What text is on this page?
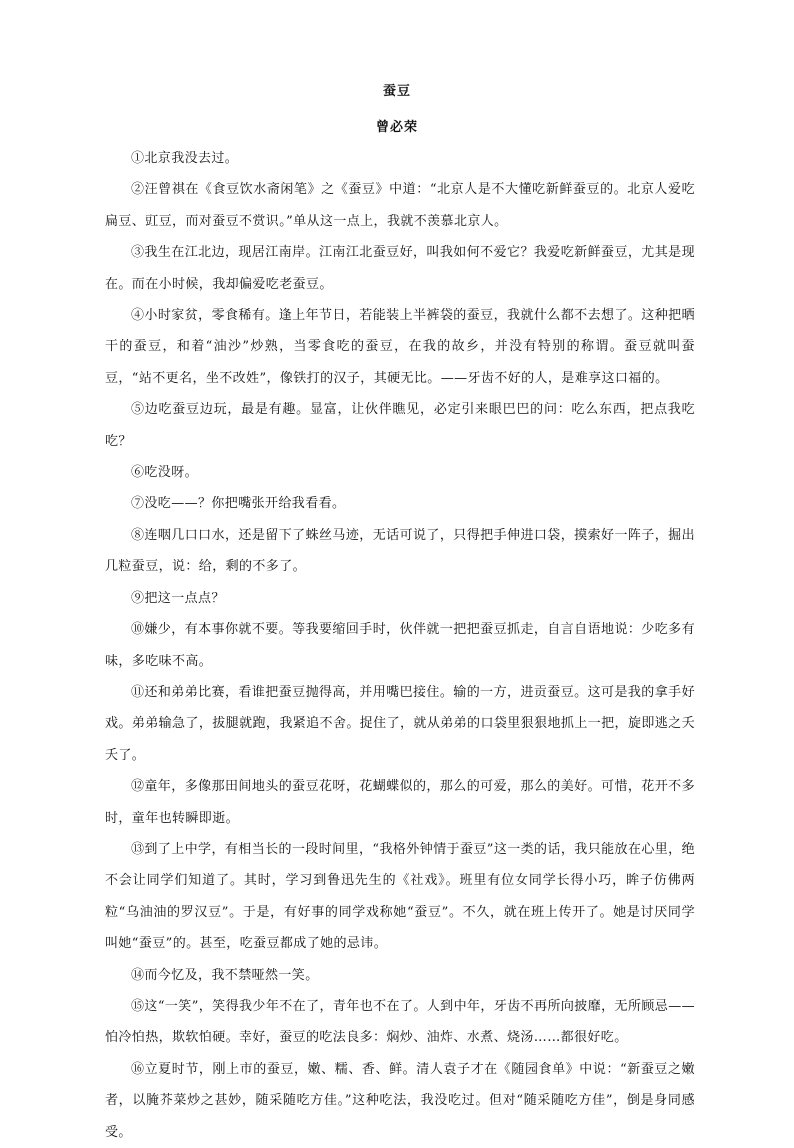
蚕豆
曾必荣

①北京我没去过。

②汪曾祺在《食豆饮水斋闲笔》之《蚕豆》中道：“北京人是不大懂吃新鲜蚕豆的。北京人爱吃扁豆、豇豆，而对蚕豆不赏识。”单从这一点上，我就不羡慕北京人。

③我生在江北边，现居江南岸。江南江北蚕豆好，叫我如何不爱它？我爱吃新鲜蚕豆，尤其是现在。而在小时候，我却偏爱吃老蚕豆。

④小时家贫，零食稀有。逢上年节日，若能装上半裤袋的蚕豆，我就什么都不去想了。这种把晒干的蚕豆，和着“油沙”炒熟，当零食吃的蚕豆，在我的故乡，并没有特别的称谓。蚕豆就叫蚕豆，“站不更名，坐不改姓”，像铁打的汉子，其硬无比。——牙齿不好的人，是难享这口福的。

⑤边吃蚕豆边玩，最是有趣。显富，让伙伴瞧见，必定引来眼巴巴的问：吃么东西，把点我吃吃？

⑥吃没呀。

⑦没吃——？你把嘴张开给我看看。

⑧连咽几口口水，还是留下了蛛丝马迹，无话可说了，只得把手伸进口袋，摸索好一阵子，掘出几粒蚕豆，说：给，剩的不多了。

⑨把这一点点？

⑩嫌少，有本事你就不要。等我要缩回手时，伙伴就一把把蚕豆抓走，自言自语地说：少吃多有味，多吃味不高。

⑪还和弟弟比赛，看谁把蚕豆抛得高，并用嘴巴接住。输的一方，进贡蚕豆。这可是我的拿手好戏。弟弟输急了，拔腿就跑，我紧追不舍。捉住了，就从弟弟的口袋里狠狠地抓上一把，旋即逃之夭夭了。

⑫童年，多像那田间地头的蚕豆花呀，花蝴蝶似的，那么的可爱，那么的美好。可惜，花开不多时，童年也转瞬即逝。

⑬到了上中学，有相当长的一段时间里，“我格外钟情于蚕豆”这一类的话，我只能放在心里，绝不会让同学们知道了。其时，学习到鲁迅先生的《社戏》。班里有位女同学长得小巧，眸子仿佛两粒“乌油油的罗汉豆”。于是，有好事的同学戏称她“蚕豆”。不久，就在班上传开了。她是讨厌同学叫她“蚕豆”的。甚至，吃蚕豆都成了她的忌讳。

⑭而今忆及，我不禁哑然一笑。

⑮这“一笑”，笑得我少年不在了，青年也不在了。人到中年，牙齿不再所向披靡，无所顾忌——怕冷怕热，欺软怕硬。幸好，蚕豆的吃法良多：焖炒、油炸、水煮、烧汤……都很好吃。

⑯立夏时节，刚上市的蚕豆，嫩、糯、香、鲜。清人袁子才在《随园食单》中说：“新蚕豆之嫩者，以腌芥菜炒之甚妙，随采随吃方佳。”这种吃法，我没吃过。但对“随采随吃方佳”，倒是身同感受。
